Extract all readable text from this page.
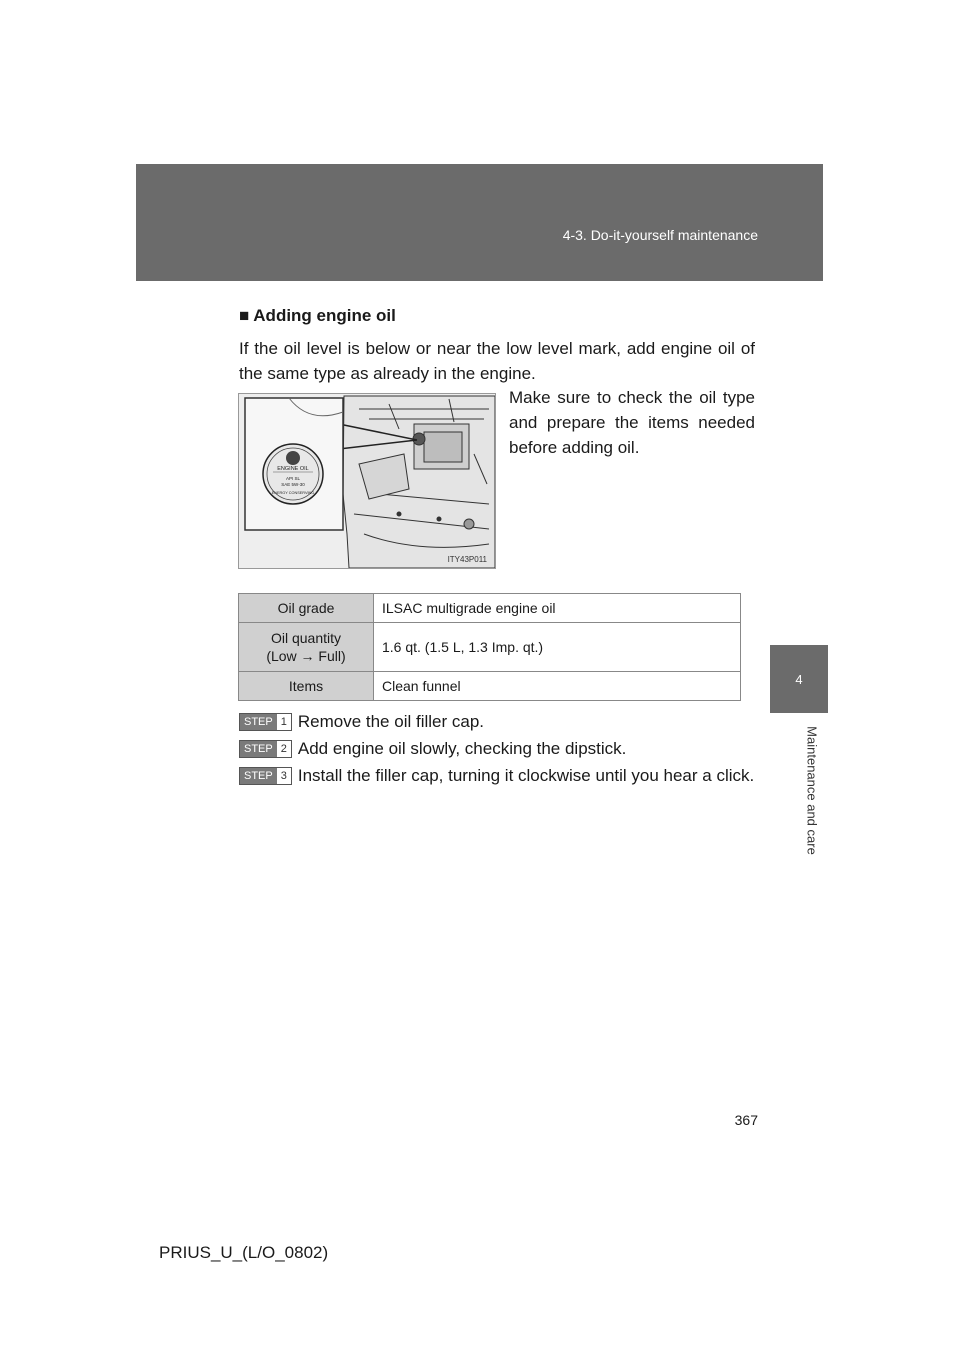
4-3. Do-it-yourself maintenance
4
Maintenance and care
■ Adding engine oil
If the oil level is below or near the low level mark, add engine oil of the same type as already in the engine.
ENGINE OIL
API SL
SAE 5W-30
ENERGY CONSERVING
ITY43P011
Make sure to check the oil type and prepare the items needed before adding oil.
Oil grade	ILSAC multigrade engine oil
Oil quantity
(Low → Full)	1.6 qt. (1.5 L, 1.3 Imp. qt.)
Items	Clean funnel
STEP 1 Remove the oil filler cap.
STEP 2 Add engine oil slowly, checking the dipstick.
STEP 3 Install the filler cap, turning it clockwise until you hear a click.
367
PRIUS_U_(L/O_0802)
